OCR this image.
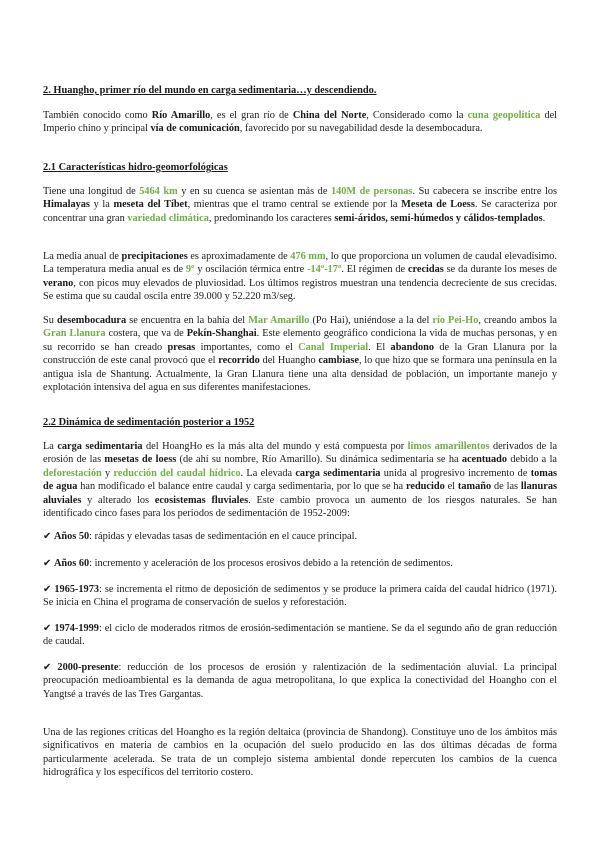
2. Huangho, primer río del mundo en carga sedimentaria…y descendiendo.

También conocido como Río Amarillo, es el gran río de China del Norte, Considerado como la cuna geopolítica del Imperio chino y principal vía de comunicación, favorecido por su navegabilidad desde la desembocadura.

2.1 Características hidro-geomorfológicas

Tiene una longitud de 5464 km y en su cuenca se asientan más de 140M de personas. Su cabecera se inscribe entre los Himalayas y la meseta del Tíbet, mientras que el tramo central se extiende por la Meseta de Loess. Se caracteriza por concentrar una gran variedad climática, predominando los caracteres semi-áridos, semi-húmedos y cálidos-templados.

La media anual de precipitaciones es aproximadamente de 476 mm, lo que proporciona un volumen de caudal elevadísimo. La temperatura media anual es de 9º y oscilación térmica entre -14º-17º. El régimen de crecidas se da durante los meses de verano, con picos muy elevados de pluviosidad. Los últimos registros muestran una tendencia decreciente de sus crecidas. Se estima que su caudal oscila entre 39.000 y 52.220 m3/seg.

Su desembocadura se encuentra en la bahía del Mar Amarillo (Po Hai), uniéndose a la del río Pei-Ho, creando ambos la Gran Llanura costera, que va de Pekín-Shanghai. Este elemento geográfico condiciona la vida de muchas personas, y en su recorrido se han creado presas importantes, como el Canal Imperial. El abandono de la Gran Llanura por la construcción de este canal provocó que el recorrido del Huangho cambiase, lo que hizo que se formara una península en la antigua isla de Shantung. Actualmente, la Gran Llanura tiene una alta densidad de población, un importante manejo y explotación intensiva del agua en sus diferentes manifestaciones.

2.2 Dinámica de sedimentación posterior a 1952

La carga sedimentaria del HoangHo es la más alta del mundo y está compuesta por limos amarillentos derivados de la erosión de las mesetas de loess (de ahí su nombre, Río Amarillo). Su dinámica sedimentaria se ha acentuado debido a la deforestación y reducción del caudal hídrico. La elevada carga sedimentaria unida al progresivo incremento de tomas de agua han modificado el balance entre caudal y carga sedimentaria, por lo que se ha reducido el tamaño de las llanuras aluviales y alterado los ecosistemas fluviales. Este cambio provoca un aumento de los riesgos naturales. Se han identificado cinco fases para los periodos de sedimentación de 1952-2009:

✔ Años 50: rápidas y elevadas tasas de sedimentación en el cauce principal.

✔ Años 60: incremento y aceleración de los procesos erosivos debido a la retención de sedimentos.

✔ 1965-1973: se incrementa el ritmo de deposición de sedimentos y se produce la primera caída del caudal hídrico (1971). Se inicia en China el programa de conservación de suelos y reforestación.

✔ 1974-1999: el ciclo de moderados ritmos de erosión-sedimentación se mantiene. Se da el segundo año de gran reducción de caudal.

✔ 2000-presente: reducción de los procesos de erosión y ralentización de la sedimentación aluvial. La principal preocupación medioambiental es la demanda de agua metropolitana, lo que explica la conectividad del Hoangho con el Yangtsé a través de las Tres Gargantas.

Una de las regiones críticas del Hoangho es la región deltaica (provincia de Shandong). Constituye uno de los ámbitos más significativos en materia de cambios en la ocupación del suelo producido en las dos últimas décadas de forma particularmente acelerada. Se trata de un complejo sistema ambiental donde repercuten los cambios de la cuenca hidrográfica y los específicos del territorio costero.
